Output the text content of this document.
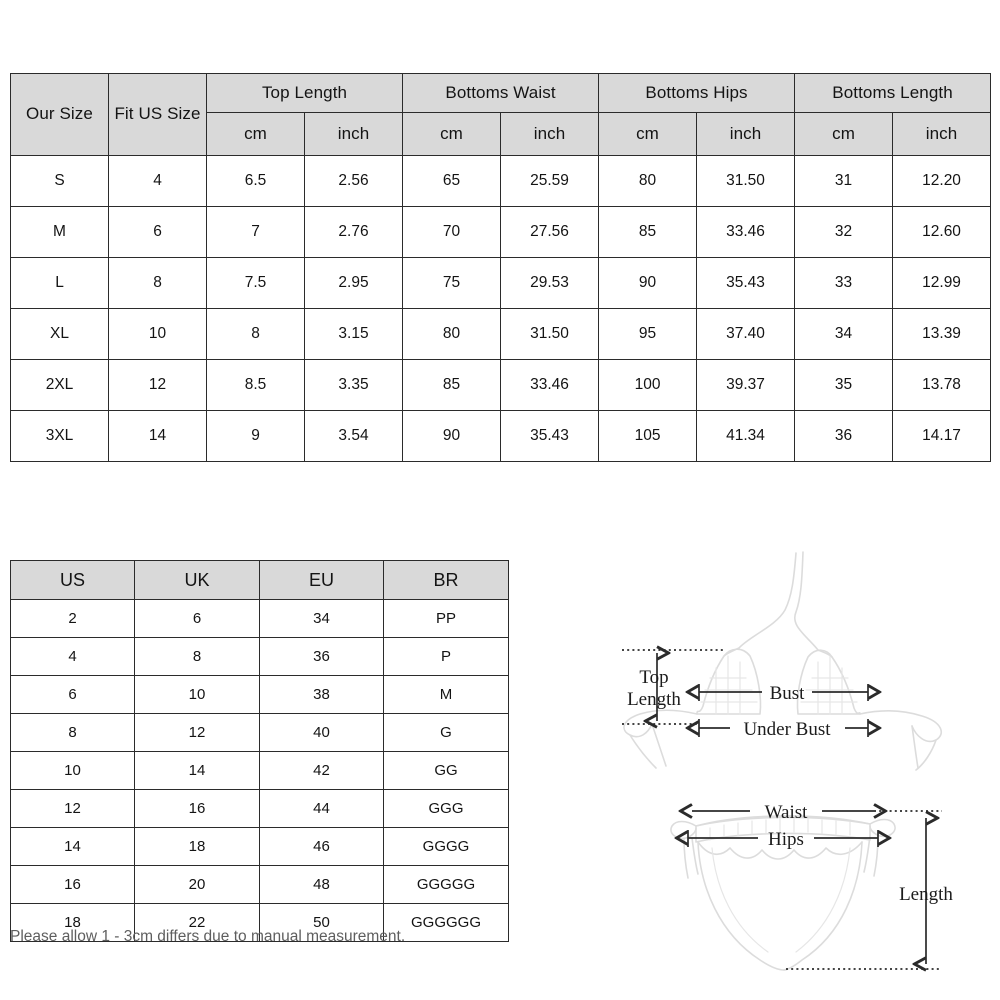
Our Size	Fit US Size	Top Length		Bottoms Waist		Bottoms Hips		Bottoms Length	
		cm	inch	cm	inch	cm	inch	cm	inch
S	4	6.5	2.56	65	25.59	80	31.50	31	12.20
M	6	7	2.76	70	27.56	85	33.46	32	12.60
L	8	7.5	2.95	75	29.53	90	35.43	33	12.99
XL	10	8	3.15	80	31.50	95	37.40	34	13.39
2XL	12	8.5	3.35	85	33.46	100	39.37	35	13.78
3XL	14	9	3.54	90	35.43	105	41.34	36	14.17
US	UK	EU	BR
2	6	34	PP
4	8	36	P
6	10	38	M
8	12	40	G
10	14	42	GG
12	16	44	GGG
14	18	46	GGGG
16	20	48	GGGGG
18	22	50	GGGGGG
Please allow 1 - 3cm differs due to manual measurement.
Top
Length	Bust
Under Bust
Waist
Hips
Length
